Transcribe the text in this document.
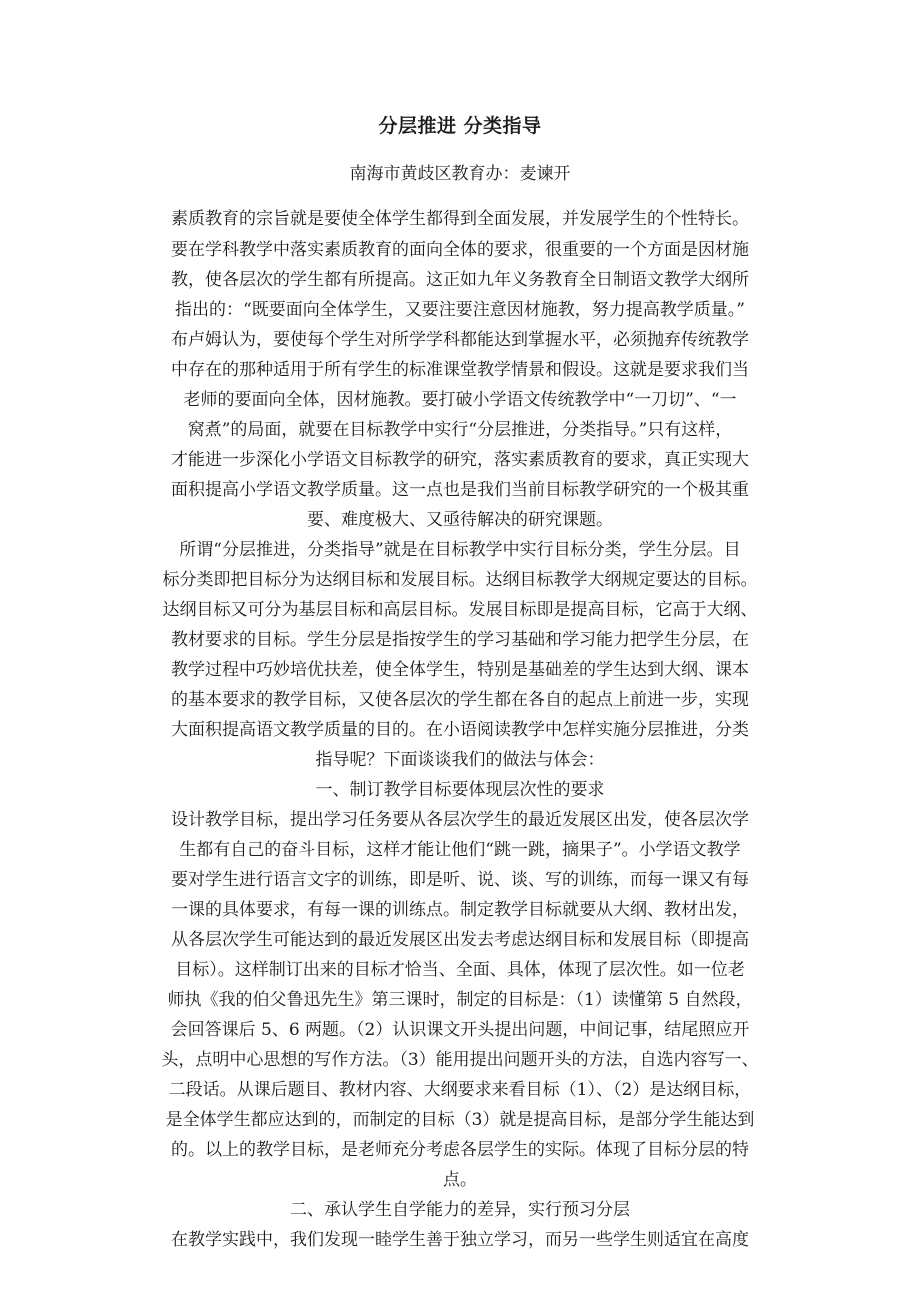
分层推进 分类指导
南海市黄歧区教育办：麦谏开
素质教育的宗旨就是要使全体学生都得到全面发展，并发展学生的个性特长。
要在学科教学中落实素质教育的面向全体的要求，很重要的一个方面是因材施
教，使各层次的学生都有所提高。这正如九年义务教育全日制语文教学大纲所
指出的：“既要面向全体学生，又要注要注意因材施教，努力提高教学质量。”
布卢姆认为，要使每个学生对所学学科都能达到掌握水平，必须抛弃传统教学
中存在的那种适用于所有学生的标准课堂教学情景和假设。这就是要求我们当
老师的要面向全体，因材施教。要打破小学语文传统教学中“一刀切”、“一
窝煮”的局面，就要在目标教学中实行“分层推进，分类指导。”只有这样，
才能进一步深化小学语文目标教学的研究，落实素质教育的要求，真正实现大
面积提高小学语文教学质量。这一点也是我们当前目标教学研究的一个极其重
要、难度极大、又亟待解决的研究课题。
所谓“分层推进，分类指导”就是在目标教学中实行目标分类，学生分层。目
标分类即把目标分为达纲目标和发展目标。达纲目标教学大纲规定要达的目标。
达纲目标又可分为基层目标和高层目标。发展目标即是提高目标，它高于大纲、
教材要求的目标。学生分层是指按学生的学习基础和学习能力把学生分层，在
教学过程中巧妙培优扶差，使全体学生，特别是基础差的学生达到大纲、课本
的基本要求的教学目标，又使各层次的学生都在各自的起点上前进一步，实现
大面积提高语文教学质量的目的。在小语阅读教学中怎样实施分层推进，分类
指导呢？下面谈谈我们的做法与体会：
一、制订教学目标要体现层次性的要求
设计教学目标，提出学习任务要从各层次学生的最近发展区出发，使各层次学
生都有自己的奋斗目标，这样才能让他们“跳一跳，摘果子”。小学语文教学
要对学生进行语言文字的训练，即是听、说、谈、写的训练，而每一课又有每
一课的具体要求，有每一课的训练点。制定教学目标就要从大纲、教材出发，
从各层次学生可能达到的最近发展区出发去考虑达纲目标和发展目标（即提高
目标）。这样制订出来的目标才恰当、全面、具体，体现了层次性。如一位老
师执《我的伯父鲁迅先生》第三课时，制定的目标是：（1）读懂第 5 自然段，
会回答课后 5、6 两题。（2）认识课文开头提出问题，中间记事，结尾照应开
头，点明中心思想的写作方法。（3）能用提出问题开头的方法，自选内容写一、
二段话。从课后题目、教材内容、大纲要求来看目标（1）、（2）是达纲目标，
是全体学生都应达到的，而制定的目标（3）就是提高目标，是部分学生能达到
的。以上的教学目标，是老师充分考虑各层学生的实际。体现了目标分层的特
点。
二、承认学生自学能力的差异，实行预习分层
在教学实践中，我们发现一睦学生善于独立学习，而另一些学生则适宜在高度
